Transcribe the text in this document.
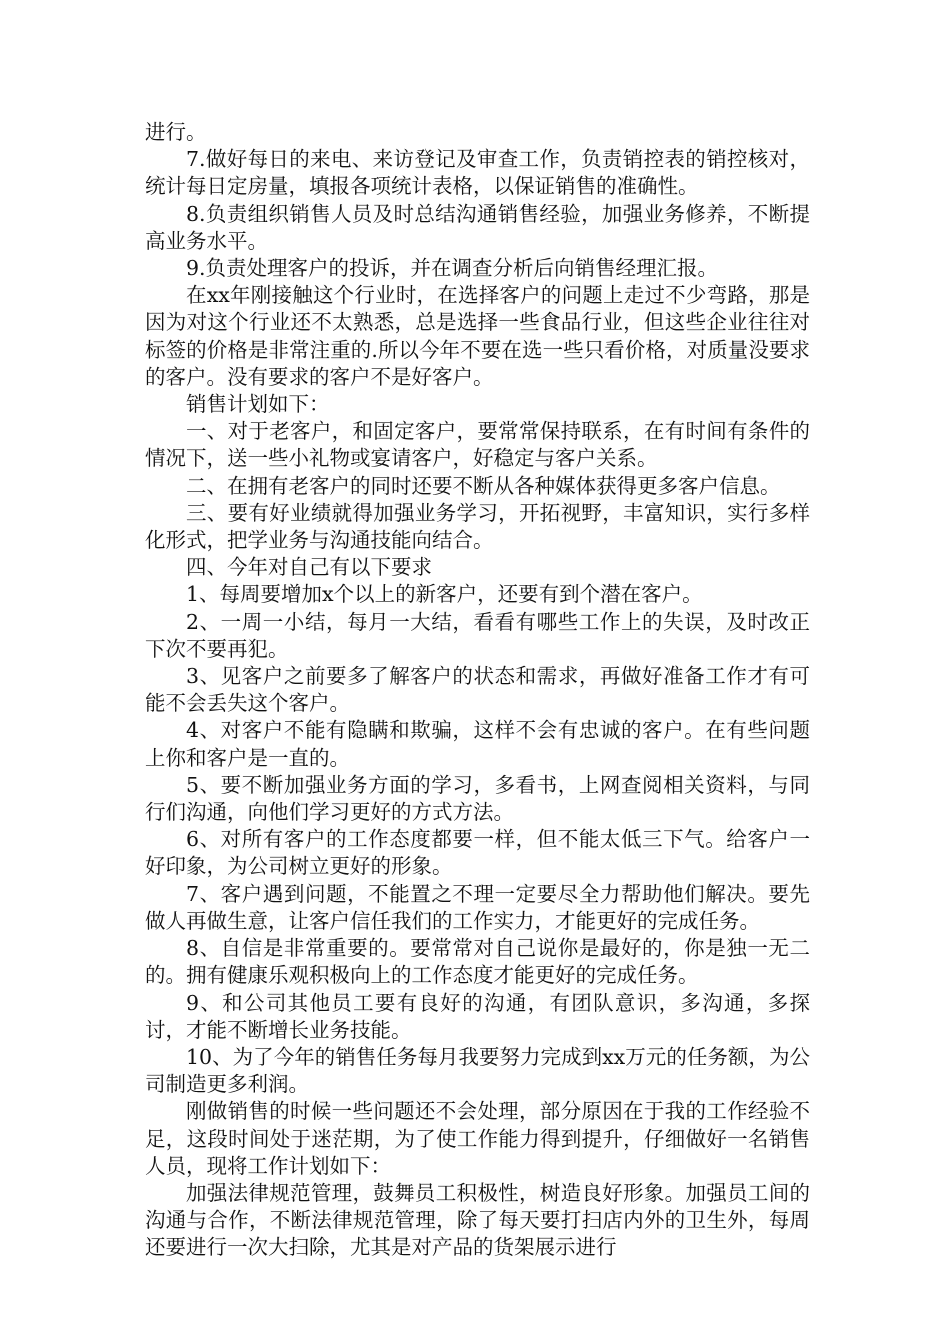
进行。

7.做好每日的来电、来访登记及审查工作，负责销控表的销控核对，统计每日定房量，填报各项统计表格，以保证销售的准确性。

8.负责组织销售人员及时总结沟通销售经验，加强业务修养，不断提高业务水平。

9.负责处理客户的投诉，并在调查分析后向销售经理汇报。

在xx年刚接触这个行业时，在选择客户的问题上走过不少弯路，那是因为对这个行业还不太熟悉，总是选择一些食品行业，但这些企业往往对标签的价格是非常注重的.所以今年不要在选一些只看价格，对质量没要求的客户。没有要求的客户不是好客户。

销售计划如下：

一、对于老客户，和固定客户，要常常保持联系，在有时间有条件的情况下，送一些小礼物或宴请客户，好稳定与客户关系。

二、在拥有老客户的同时还要不断从各种媒体获得更多客户信息。

三、要有好业绩就得加强业务学习，开拓视野，丰富知识，实行多样化形式，把学业务与沟通技能向结合。

四、今年对自己有以下要求

1、每周要增加x个以上的新客户，还要有到个潜在客户。

2、一周一小结，每月一大结，看看有哪些工作上的失误，及时改正下次不要再犯。

3、见客户之前要多了解客户的状态和需求，再做好准备工作才有可能不会丢失这个客户。

4、对客户不能有隐瞒和欺骗，这样不会有忠诚的客户。在有些问题上你和客户是一直的。

5、要不断加强业务方面的学习，多看书，上网查阅相关资料，与同行们沟通，向他们学习更好的方式方法。

6、对所有客户的工作态度都要一样，但不能太低三下气。给客户一好印象，为公司树立更好的形象。

7、客户遇到问题，不能置之不理一定要尽全力帮助他们解决。要先做人再做生意，让客户信任我们的工作实力，才能更好的完成任务。

8、自信是非常重要的。要常常对自己说你是最好的，你是独一无二的。拥有健康乐观积极向上的工作态度才能更好的完成任务。

9、和公司其他员工要有良好的沟通，有团队意识，多沟通，多探讨，才能不断增长业务技能。

10、为了今年的销售任务每月我要努力完成到xx万元的任务额，为公司制造更多利润。

刚做销售的时候一些问题还不会处理，部分原因在于我的工作经验不足，这段时间处于迷茫期，为了使工作能力得到提升，仔细做好一名销售人员，现将工作计划如下：

加强法律规范管理，鼓舞员工积极性，树造良好形象。加强员工间的沟通与合作，不断法律规范管理，除了每天要打扫店内外的卫生外，每周还要进行一次大扫除，尤其是对产品的货架展示进行
